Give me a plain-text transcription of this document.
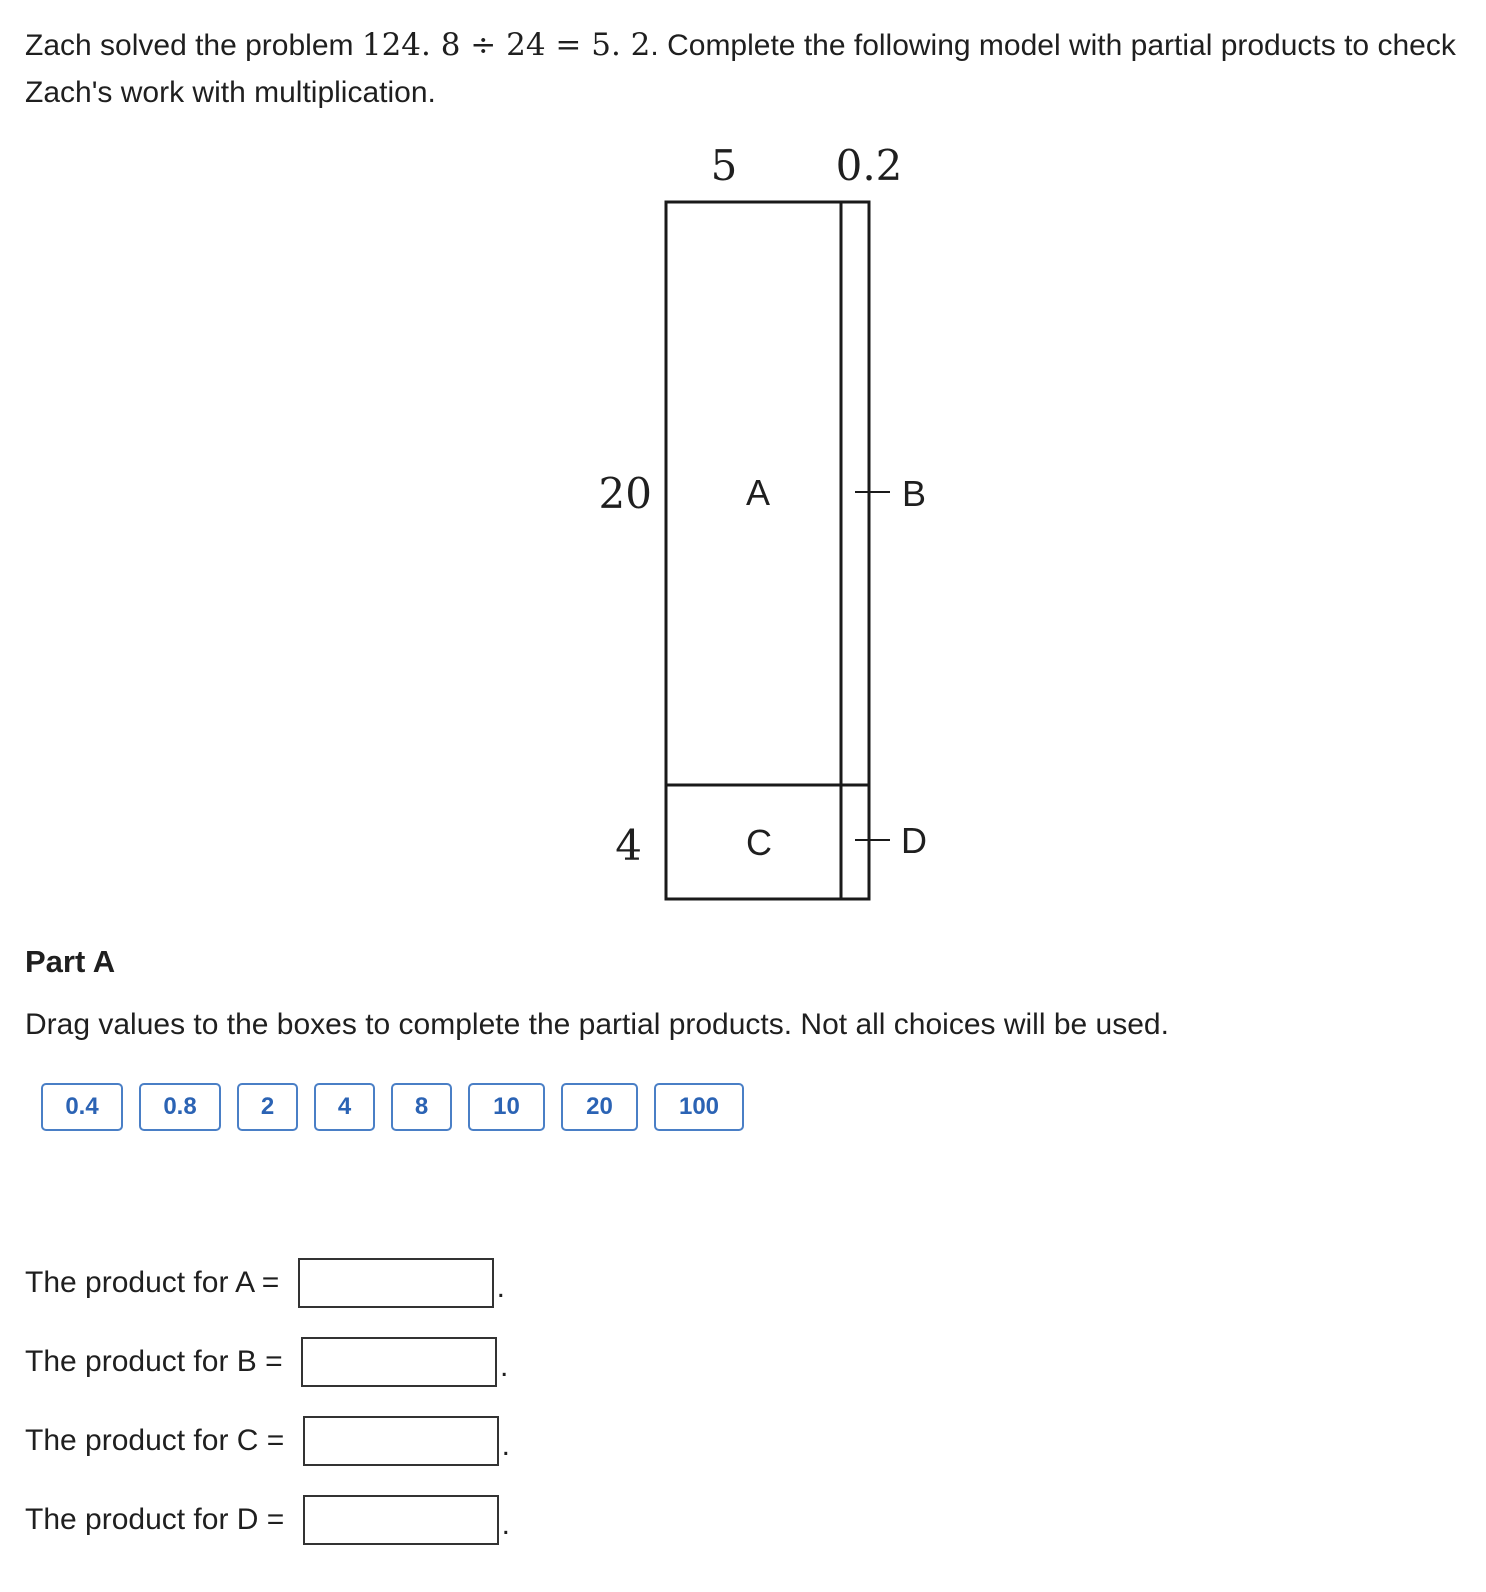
Zach solved the problem 124. 8 ÷ 24 = 5. 2. Complete the following model with partial products to check Zach's work with multiplication.
5 0.2
20
4
A	B
C	D
Part A

Drag values to the boxes to complete the partial products. Not all choices will be used.

0.4	0.8	2	4	8	10	20	100
The product for A =	.
The product for B =	.
The product for C =	.
The product for D =	.
